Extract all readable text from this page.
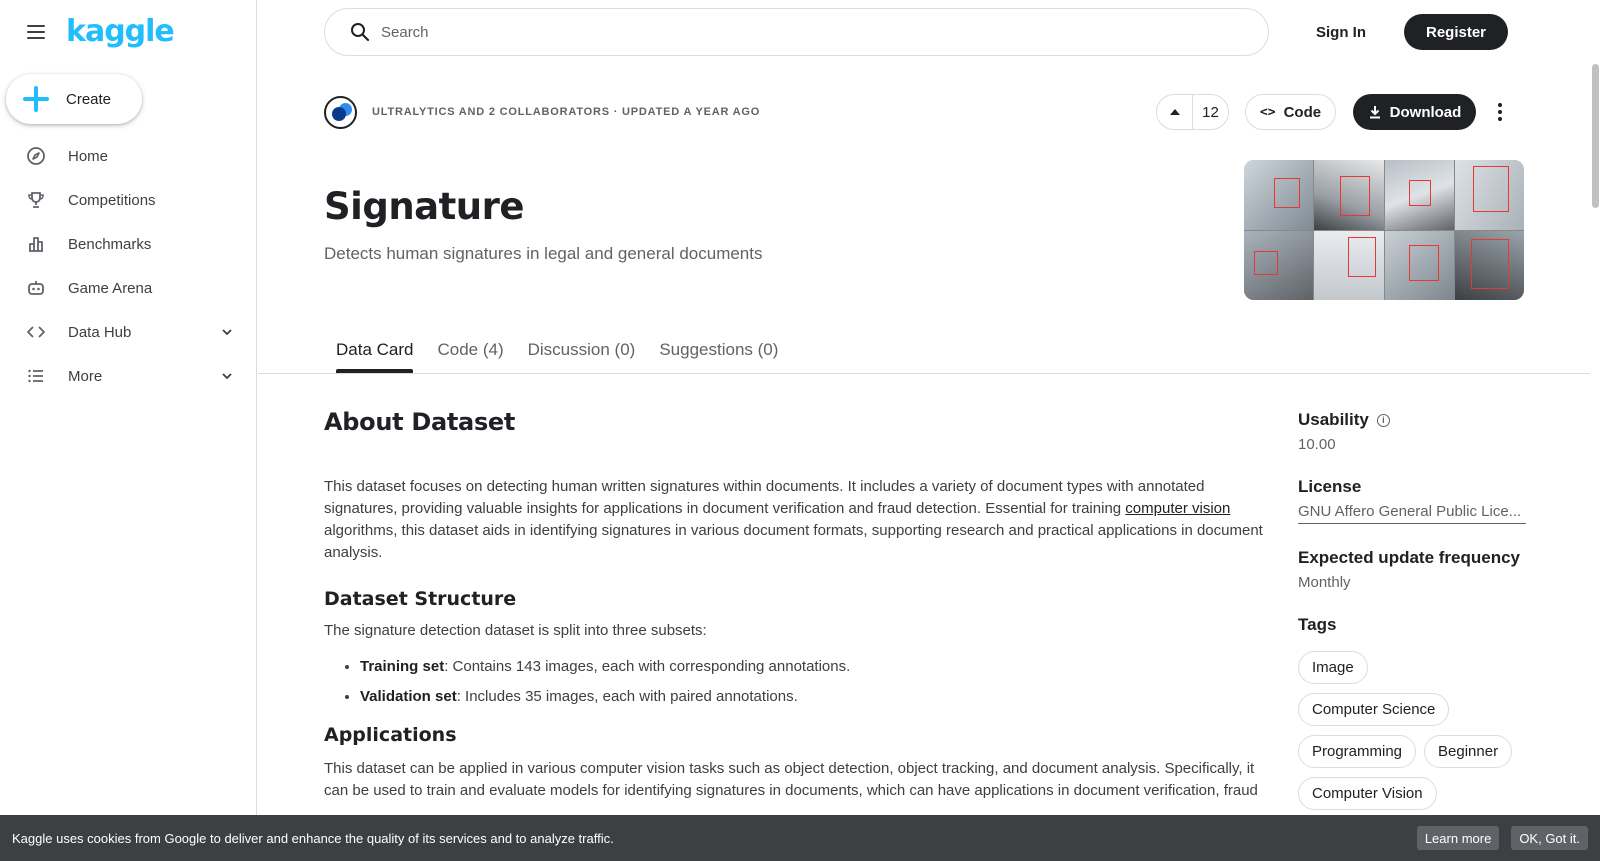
kaggle
Create
Home
Competitions
Benchmarks
Game Arena
Data Hub
More
Search
Sign In	Register
ULTRALYTICS AND 2 COLLABORATORS · UPDATED A YEAR AGO	12	<> Code	Download
Signature
Detects human signatures in legal and general documents
Data Card	Code (4)	Discussion (0)	Suggestions (0)
About Dataset

This dataset focuses on detecting human written signatures within documents. It includes a variety of document types with annotated signatures, providing valuable insights for applications in document verification and fraud detection. Essential for training computer vision algorithms, this dataset aids in identifying signatures in various document formats, supporting research and practical applications in document analysis.

Dataset Structure

The signature detection dataset is split into three subsets:

• Training set: Contains 143 images, each with corresponding annotations.
• Validation set: Includes 35 images, each with paired annotations.
Applications

This dataset can be applied in various computer vision tasks such as object detection, object tracking, and document analysis. Specifically, it can be used to train and evaluate models for identifying signatures in documents, which can have applications in document verification, fraud

Usability	i
10.00
License
GNU Affero General Public Lice...
Expected update frequency
Monthly
Tags
Image
Computer Science
Programming	Beginner
Computer Vision
Kaggle uses cookies from Google to deliver and enhance the quality of its services and to analyze traffic.	Learn more	OK, Got it.
